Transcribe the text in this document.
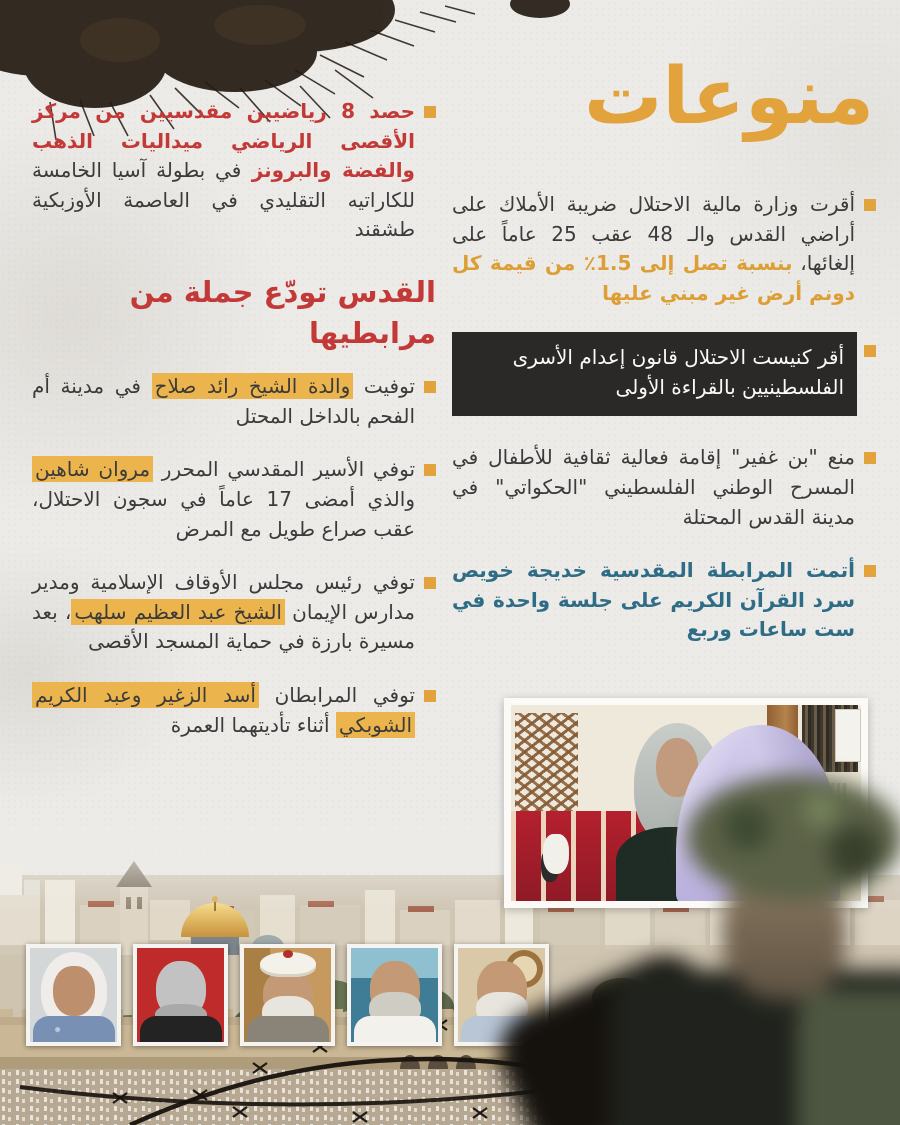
منوعات

أقرت وزارة مالية الاحتلال ضريبة الأملاك على أراضي القدس والـ 48 عقب 25 عاماً على إلغائها، بنسبة تصل إلى 1.5٪ من قيمة كل دونم أرض غير مبني عليها

أقر كنيست الاحتلال قانون إعدام الأسرى الفلسطينيين بالقراءة الأولى

منع "بن غفير" إقامة فعالية ثقافية للأطفال في المسرح الوطني الفلسطيني "الحكواتي" في مدينة القدس المحتلة

أتمت المرابطة المقدسية خديجة خويص سرد القرآن الكريم على جلسة واحدة في ست ساعات وربع

حصد 8 رياضيين مقدسيين من مركز الأقصى الرياضي ميداليات الذهب والفضة والبرونز في بطولة آسيا الخامسة للكاراتيه التقليدي في العاصمة الأوزبكية طشقند

القدس تودّع جملة من مرابطيها

توفيت والدة الشيخ رائد صلاح في مدينة أم الفحم بالداخل المحتل

توفي الأسير المقدسي المحرر مروان شاهين والذي أمضى 17 عاماً في سجون الاحتلال، عقب صراع طويل مع المرض

توفي رئيس مجلس الأوقاف الإسلامية ومدير مدارس الإيمان الشيخ عبد العظيم سلهب، بعد مسيرة بارزة في حماية المسجد الأقصى

توفي المرابطان أسد الزغير وعبد الكريم الشوبكي أثناء تأديتهما العمرة
